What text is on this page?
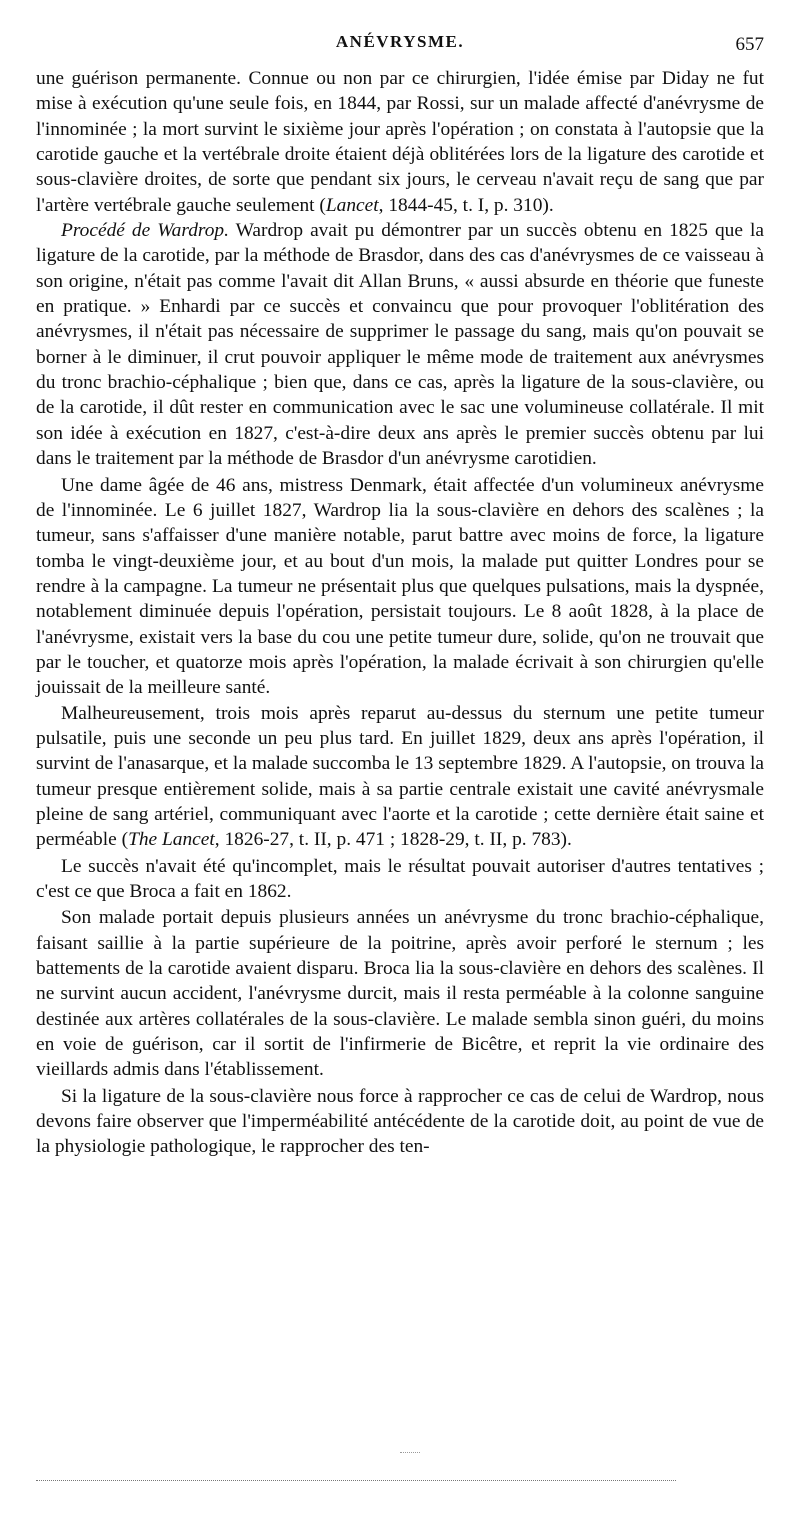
ANÉVRYSME.	657

une guérison permanente. Connue ou non par ce chirurgien, l'idée émise par Diday ne fut mise à exécution qu'une seule fois, en 1844, par Rossi, sur un malade affecté d'anévrysme de l'innominée ; la mort survint le sixième jour après l'opération ; on constata à l'autopsie que la carotide gauche et la vertébrale droite étaient déjà oblitérées lors de la ligature des carotide et sous-clavière droites, de sorte que pendant six jours, le cerveau n'avait reçu de sang que par l'artère vertébrale gauche seulement (Lancet, 1844-45, t. I, p. 310).

Procédé de Wardrop. Wardrop avait pu démontrer par un succès obtenu en 1825 que la ligature de la carotide, par la méthode de Brasdor, dans des cas d'anévrysmes de ce vaisseau à son origine, n'était pas comme l'avait dit Allan Bruns, « aussi absurde en théorie que funeste en pratique. » Enhardi par ce succès et convaincu que pour provoquer l'oblitération des anévrysmes, il n'était pas nécessaire de supprimer le passage du sang, mais qu'on pouvait se borner à le diminuer, il crut pouvoir appliquer le même mode de traitement aux anévrysmes du tronc brachio-céphalique ; bien que, dans ce cas, après la ligature de la sous-clavière, ou de la carotide, il dût rester en communication avec le sac une volumineuse collatérale. Il mit son idée à exécution en 1827, c'est-à-dire deux ans après le premier succès obtenu par lui dans le traitement par la méthode de Brasdor d'un anévrysme carotidien.

Une dame âgée de 46 ans, mistress Denmark, était affectée d'un volumineux anévrysme de l'innominée. Le 6 juillet 1827, Wardrop lia la sous-clavière en dehors des scalènes ; la tumeur, sans s'affaisser d'une manière notable, parut battre avec moins de force, la ligature tomba le vingt-deuxième jour, et au bout d'un mois, la malade put quitter Londres pour se rendre à la campagne. La tumeur ne présentait plus que quelques pulsations, mais la dyspnée, notablement diminuée depuis l'opération, persistait toujours. Le 8 août 1828, à la place de l'anévrysme, existait vers la base du cou une petite tumeur dure, solide, qu'on ne trouvait que par le toucher, et quatorze mois après l'opération, la malade écrivait à son chirurgien qu'elle jouissait de la meilleure santé.

Malheureusement, trois mois après reparut au-dessus du sternum une petite tumeur pulsatile, puis une seconde un peu plus tard. En juillet 1829, deux ans après l'opération, il survint de l'anasarque, et la malade succomba le 13 septembre 1829. A l'autopsie, on trouva la tumeur presque entièrement solide, mais à sa partie centrale existait une cavité anévrysmale pleine de sang artériel, communiquant avec l'aorte et la carotide ; cette dernière était saine et perméable (The Lancet, 1826-27, t. II, p. 471 ; 1828-29, t. II, p. 783).

Le succès n'avait été qu'incomplet, mais le résultat pouvait autoriser d'autres tentatives ; c'est ce que Broca a fait en 1862.

Son malade portait depuis plusieurs années un anévrysme du tronc brachio-céphalique, faisant saillie à la partie supérieure de la poitrine, après avoir perforé le sternum ; les battements de la carotide avaient disparu. Broca lia la sous-clavière en dehors des scalènes. Il ne survint aucun accident, l'anévrysme durcit, mais il resta perméable à la colonne sanguine destinée aux artères collatérales de la sous-clavière. Le malade sembla sinon guéri, du moins en voie de guérison, car il sortit de l'infirmerie de Bicêtre, et reprit la vie ordinaire des vieillards admis dans l'établissement.

Si la ligature de la sous-clavière nous force à rapprocher ce cas de celui de Wardrop, nous devons faire observer que l'imperméabilité antécédente de la carotide doit, au point de vue de la physiologie pathologique, le rapprocher des ten-
